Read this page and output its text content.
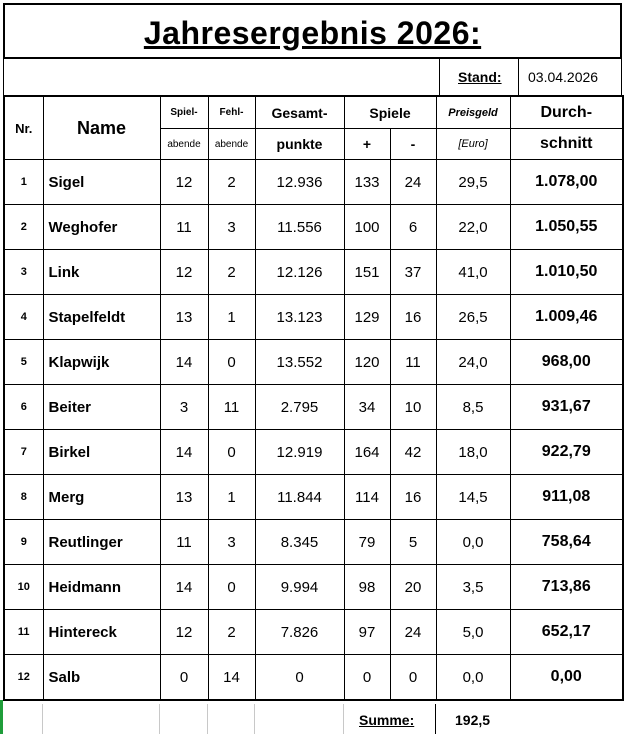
Jahresergebnis 2026:
Stand: 03.04.2026
Nr.	Name	Spiel-	Fehl-	Gesamt-	Spiele		Preisgeld	Durch-
		abende	abende	punkte	+	-	[Euro]	schnitt
1	Sigel	12	2	12.936	133	24	29,5	1.078,00
2	Weghofer	11	3	11.556	100	6	22,0	1.050,55
3	Link	12	2	12.126	151	37	41,0	1.010,50
4	Stapelfeldt	13	1	13.123	129	16	26,5	1.009,46
5	Klapwijk	14	0	13.552	120	11	24,0	968,00
6	Beiter	3	11	2.795	34	10	8,5	931,67
7	Birkel	14	0	12.919	164	42	18,0	922,79
8	Merg	13	1	11.844	114	16	14,5	911,08
9	Reutlinger	11	3	8.345	79	5	0,0	758,64
10	Heidmann	14	0	9.994	98	20	3,5	713,86
11	Hintereck	12	2	7.826	97	24	5,0	652,17
12	Salb	0	14	0	0	0	0,0	0,00
Summe:	192,5
